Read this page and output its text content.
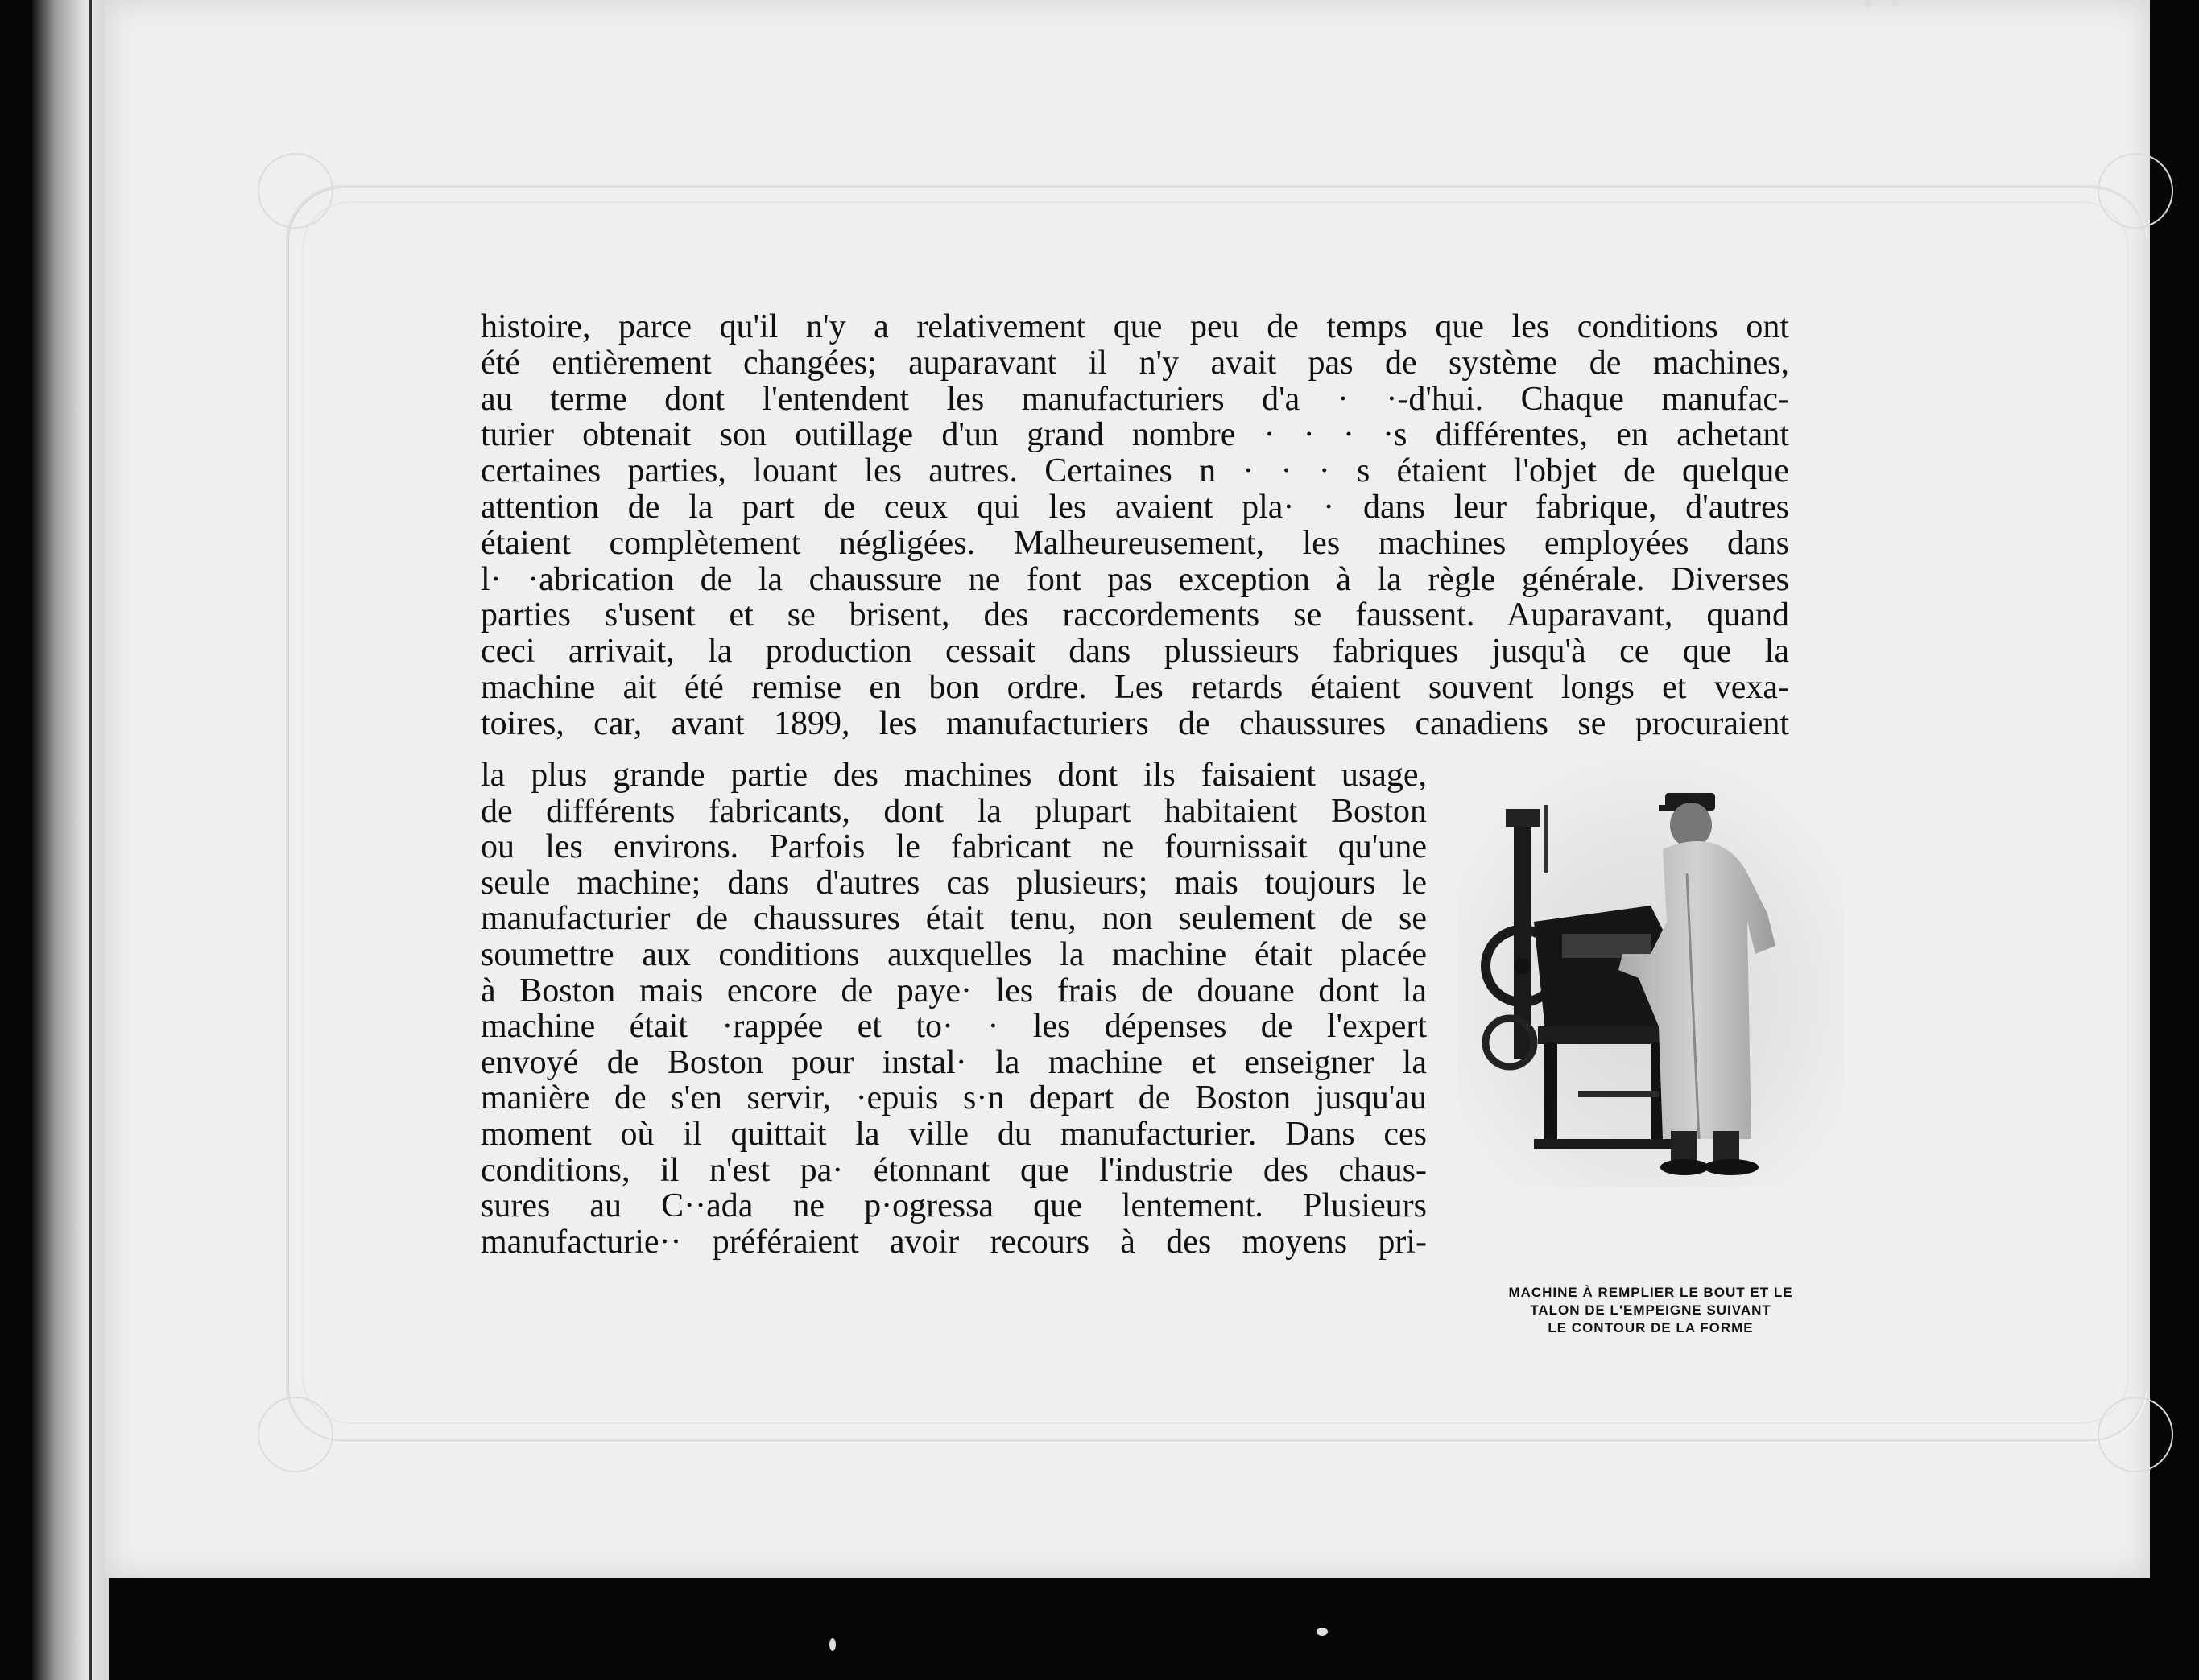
histoire, parce qu'il n'y a relativement que peu de temps que les conditions ont
été entièrement changées; auparavant il n'y avait pas de système de machines,
au terme dont l'entendent les manufacturiers d'a · ·-d'hui. Chaque manufac-
turier obtenait son outillage d'un grand nombre · · · ·s différentes, en achetant
certaines parties, louant les autres. Certaines n · · · s étaient l'objet de quelque
attention de la part de ceux qui les avaient pla· · dans leur fabrique, d'autres
étaient complètement négligées. Malheureusement, les machines employées dans
l· ·abrication de la chaussure ne font pas exception à la règle générale. Diverses
parties s'usent et se brisent, des raccordements se faussent. Auparavant, quand
ceci arrivait, la production cessait dans plussieurs fabriques jusqu'à ce que la
machine ait été remise en bon ordre. Les retards étaient souvent longs et vexa-
toires, car, avant 1899, les manufacturiers de chaussures canadiens se procuraient
la plus grande partie des machines dont ils faisaient usage,
de différents fabricants, dont la plupart habitaient Boston
ou les environs. Parfois le fabricant ne fournissait qu'une
seule machine; dans d'autres cas plusieurs; mais toujours le
manufacturier de chaussures était tenu, non seulement de se
soumettre aux conditions auxquelles la machine était placée
à Boston mais encore de paye· les frais de douane dont la
machine était ·rappée et to· · les dépenses de l'expert
envoyé de Boston pour instal· la machine et enseigner la
manière de s'en servir, ·epuis s·n depart de Boston jusqu'au
moment où il quittait la ville du manufacturier. Dans ces
conditions, il n'est pa· étonnant que l'industrie des chaus-
sures au C··ada ne p·ogressa que lentement. Plusieurs
manufacturie·· préféraient avoir recours à des moyens pri-
MACHINE À REMPLIER LE BOUT ET LE
TALON DE L'EMPEIGNE SUIVANT
LE CONTOUR DE LA FORME
